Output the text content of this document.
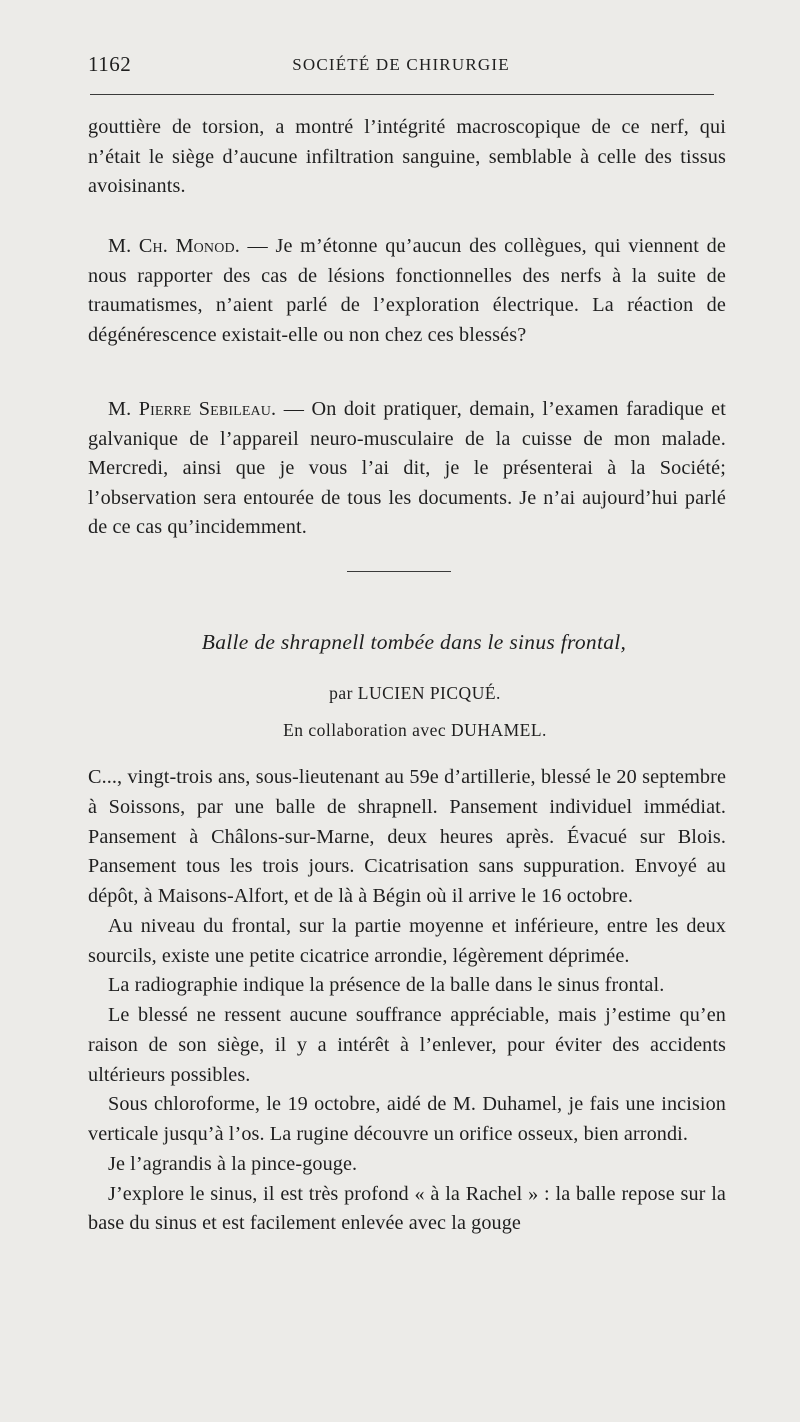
1162	SOCIÉTÉ DE CHIRURGIE

gouttière de torsion, a montré l’intégrité macroscopique de ce nerf, qui n’était le siège d’aucune infiltration sanguine, semblable à celle des tissus avoisinants.

M. Ch. Monod. — Je m’étonne qu’aucun des collègues, qui viennent de nous rapporter des cas de lésions fonctionnelles des nerfs à la suite de traumatismes, n’aient parlé de l’exploration électrique. La réaction de dégénérescence existait-elle ou non chez ces blessés?

M. Pierre Sebileau. — On doit pratiquer, demain, l’examen faradique et galvanique de l’appareil neuro-musculaire de la cuisse de mon malade. Mercredi, ainsi que je vous l’ai dit, je le présenterai à la Société; l’observation sera entourée de tous les documents. Je n’ai aujourd’hui parlé de ce cas qu’incidemment.

Balle de shrapnell tombée dans le sinus frontal,
par LUCIEN PICQUÉ.
En collaboration avec DUHAMEL.

C..., vingt-trois ans, sous-lieutenant au 59e d’artillerie, blessé le 20 septembre à Soissons, par une balle de shrapnell. Pansement individuel immédiat. Pansement à Châlons-sur-Marne, deux heures après. Évacué sur Blois. Pansement tous les trois jours. Cicatrisation sans suppuration. Envoyé au dépôt, à Maisons-Alfort, et de là à Bégin où il arrive le 16 octobre.

Au niveau du frontal, sur la partie moyenne et inférieure, entre les deux sourcils, existe une petite cicatrice arrondie, légèrement déprimée.

La radiographie indique la présence de la balle dans le sinus frontal.

Le blessé ne ressent aucune souffrance appréciable, mais j’estime qu’en raison de son siège, il y a intérêt à l’enlever, pour éviter des accidents ultérieurs possibles.

Sous chloroforme, le 19 octobre, aidé de M. Duhamel, je fais une incision verticale jusqu’à l’os. La rugine découvre un orifice osseux, bien arrondi.

Je l’agrandis à la pince-gouge.

J’explore le sinus, il est très profond « à la Rachel » : la balle repose sur la base du sinus et est facilement enlevée avec la gouge
